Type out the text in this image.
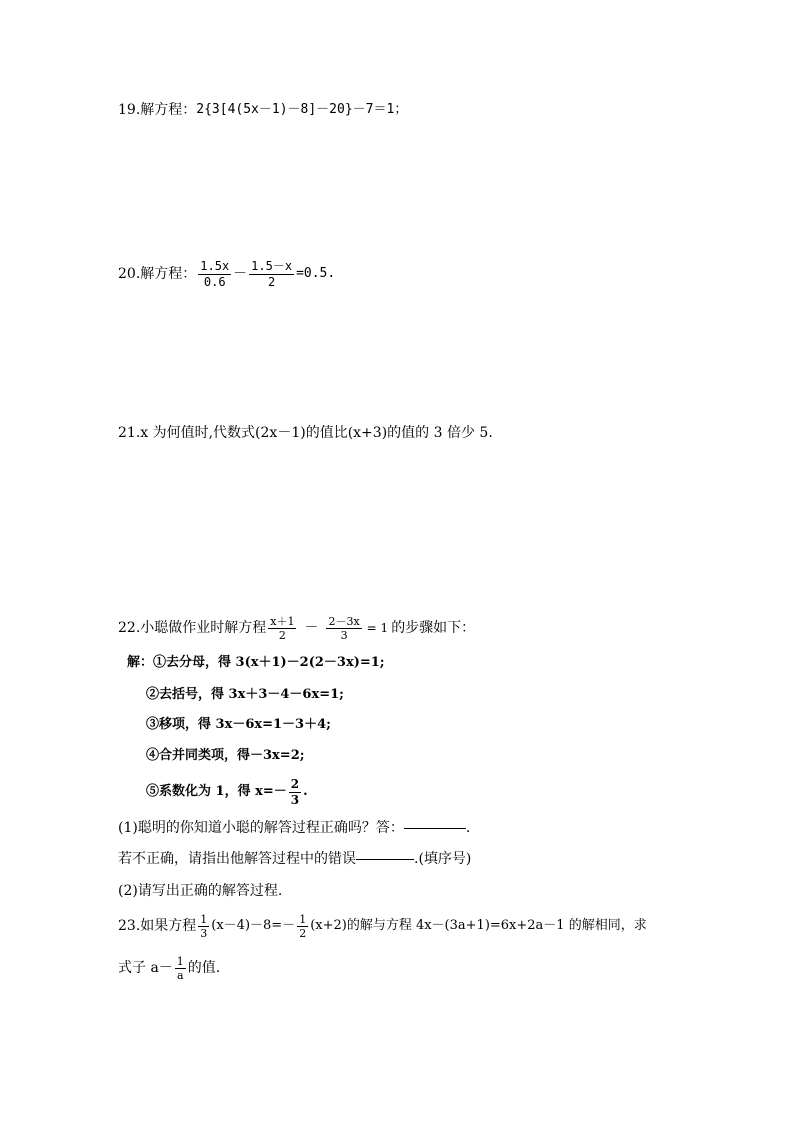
19. 解方程： 2{3[4(5x－1)－8]－20}－7＝1；
20. 解方程： $\frac{1.5x}{0.6} - \frac{1.5-x}{2} =0.5$.
21.x 为何值时,代数式(2x－1)的值比(x+3)的值的 3 倍少 5.
22.小聪做作业时解方程 $\frac{x+1}{2} - \frac{2-3x}{3} = 1$ 的步骤如下：
解：①去分母，得 3(x＋1)－2(2－3x)=1;
②去括号，得 3x＋3－4－6x=1;
③移项，得 3x－6x=1－3＋4;
④合并同类项，得－3x=2;
⑤系数化为 1，得 $x=- \frac{2}{3}$ .
(1)聪明的你知道小聪的解答过程正确吗？答：	.
若不正确，请指出他解答过程中的错误	.(填序号)
(2)请写出正确的解答过程.
23.如果方程 $\frac{1}{3} (x-4)-8=- \frac{1}{2} (x+2)$的解与方程 4x－(3a+1)=6x+2a－1 的解相同，求
式子 $a- \frac{1}{a}$ 的值.
